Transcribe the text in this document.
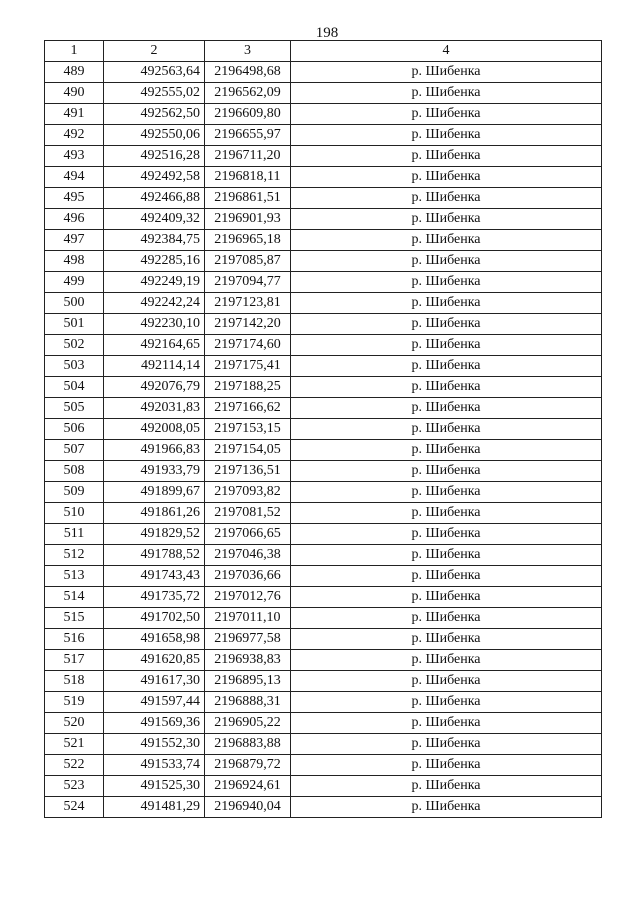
198
1	2	3	4
489	492563,64	2196498,68	р. Шибенка
490	492555,02	2196562,09	р. Шибенка
491	492562,50	2196609,80	р. Шибенка
492	492550,06	2196655,97	р. Шибенка
493	492516,28	2196711,20	р. Шибенка
494	492492,58	2196818,11	р. Шибенка
495	492466,88	2196861,51	р. Шибенка
496	492409,32	2196901,93	р. Шибенка
497	492384,75	2196965,18	р. Шибенка
498	492285,16	2197085,87	р. Шибенка
499	492249,19	2197094,77	р. Шибенка
500	492242,24	2197123,81	р. Шибенка
501	492230,10	2197142,20	р. Шибенка
502	492164,65	2197174,60	р. Шибенка
503	492114,14	2197175,41	р. Шибенка
504	492076,79	2197188,25	р. Шибенка
505	492031,83	2197166,62	р. Шибенка
506	492008,05	2197153,15	р. Шибенка
507	491966,83	2197154,05	р. Шибенка
508	491933,79	2197136,51	р. Шибенка
509	491899,67	2197093,82	р. Шибенка
510	491861,26	2197081,52	р. Шибенка
511	491829,52	2197066,65	р. Шибенка
512	491788,52	2197046,38	р. Шибенка
513	491743,43	2197036,66	р. Шибенка
514	491735,72	2197012,76	р. Шибенка
515	491702,50	2197011,10	р. Шибенка
516	491658,98	2196977,58	р. Шибенка
517	491620,85	2196938,83	р. Шибенка
518	491617,30	2196895,13	р. Шибенка
519	491597,44	2196888,31	р. Шибенка
520	491569,36	2196905,22	р. Шибенка
521	491552,30	2196883,88	р. Шибенка
522	491533,74	2196879,72	р. Шибенка
523	491525,30	2196924,61	р. Шибенка
524	491481,29	2196940,04	р. Шибенка
